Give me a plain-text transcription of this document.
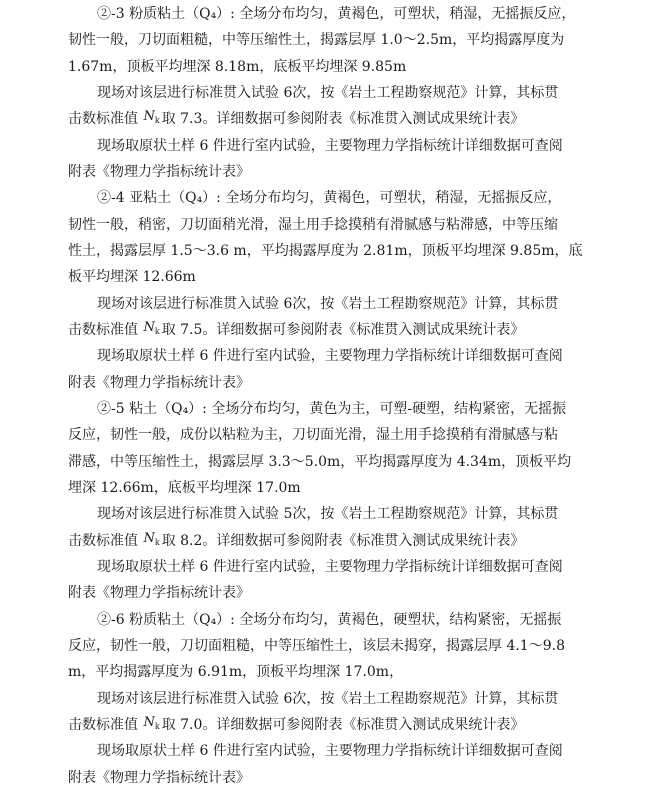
②-3 粉质粘土（Q₄）: 全场分布均匀，黄褐色，可塑状，稍湿，无摇振反应，
韧性一般，刀切面粗糙，中等压缩性土，揭露层厚 1.0～2.5m，平均揭露厚度为
1.67m，顶板平均埋深 8.18m，底板平均埋深 9.85m
现场对该层进行标准贯入试验 6次，按《岩土工程勘察规范》计算，其标贯
击数标准值 $N_k$ 取 7.3。详细数据可参阅附表《标准贯入测试成果统计表》
现场取原状土样 6 件进行室内试验，主要物理力学指标统计详细数据可查阅
附表《物理力学指标统计表》
②-4 亚粘土（Q₄）: 全场分布均匀，黄褐色，可塑状，稍湿，无摇振反应，
韧性一般，稍密，刀切面稍光滑，湿土用手捻摸稍有滑腻感与粘滞感，中等压缩
性土，揭露层厚 1.5～3.6 m，平均揭露厚度为 2.81m，顶板平均埋深 9.85m，底
板平均埋深 12.66m
现场对该层进行标准贯入试验 6次，按《岩土工程勘察规范》计算，其标贯
击数标准值 $N_k$ 取 7.5。详细数据可参阅附表《标准贯入测试成果统计表》
现场取原状土样 6 件进行室内试验，主要物理力学指标统计详细数据可查阅
附表《物理力学指标统计表》
②-5 粘土（Q₄）: 全场分布均匀，黄色为主，可塑-硬塑，结构紧密，无摇振
反应，韧性一般，成份以粘粒为主，刀切面光滑，湿土用手捻摸稍有滑腻感与粘
滞感，中等压缩性土，揭露层厚 3.3～5.0m，平均揭露厚度为 4.34m，顶板平均
埋深 12.66m，底板平均埋深 17.0m
现场对该层进行标准贯入试验 5次，按《岩土工程勘察规范》计算，其标贯
击数标准值 $N_k$ 取 8.2。详细数据可参阅附表《标准贯入测试成果统计表》
现场取原状土样 6 件进行室内试验，主要物理力学指标统计详细数据可查阅
附表《物理力学指标统计表》
②-6 粉质粘土（Q₄）: 全场分布均匀，黄褐色，硬塑状，结构紧密，无摇振
反应，韧性一般，刀切面粗糙，中等压缩性土，该层未揭穿，揭露层厚 4.1～9.8
m，平均揭露厚度为 6.91m，顶板平均埋深 17.0m，
现场对该层进行标准贯入试验 6次，按《岩土工程勘察规范》计算，其标贯
击数标准值 $N_k$ 取 7.0。详细数据可参阅附表《标准贯入测试成果统计表》
现场取原状土样 6 件进行室内试验，主要物理力学指标统计详细数据可查阅
附表《物理力学指标统计表》
